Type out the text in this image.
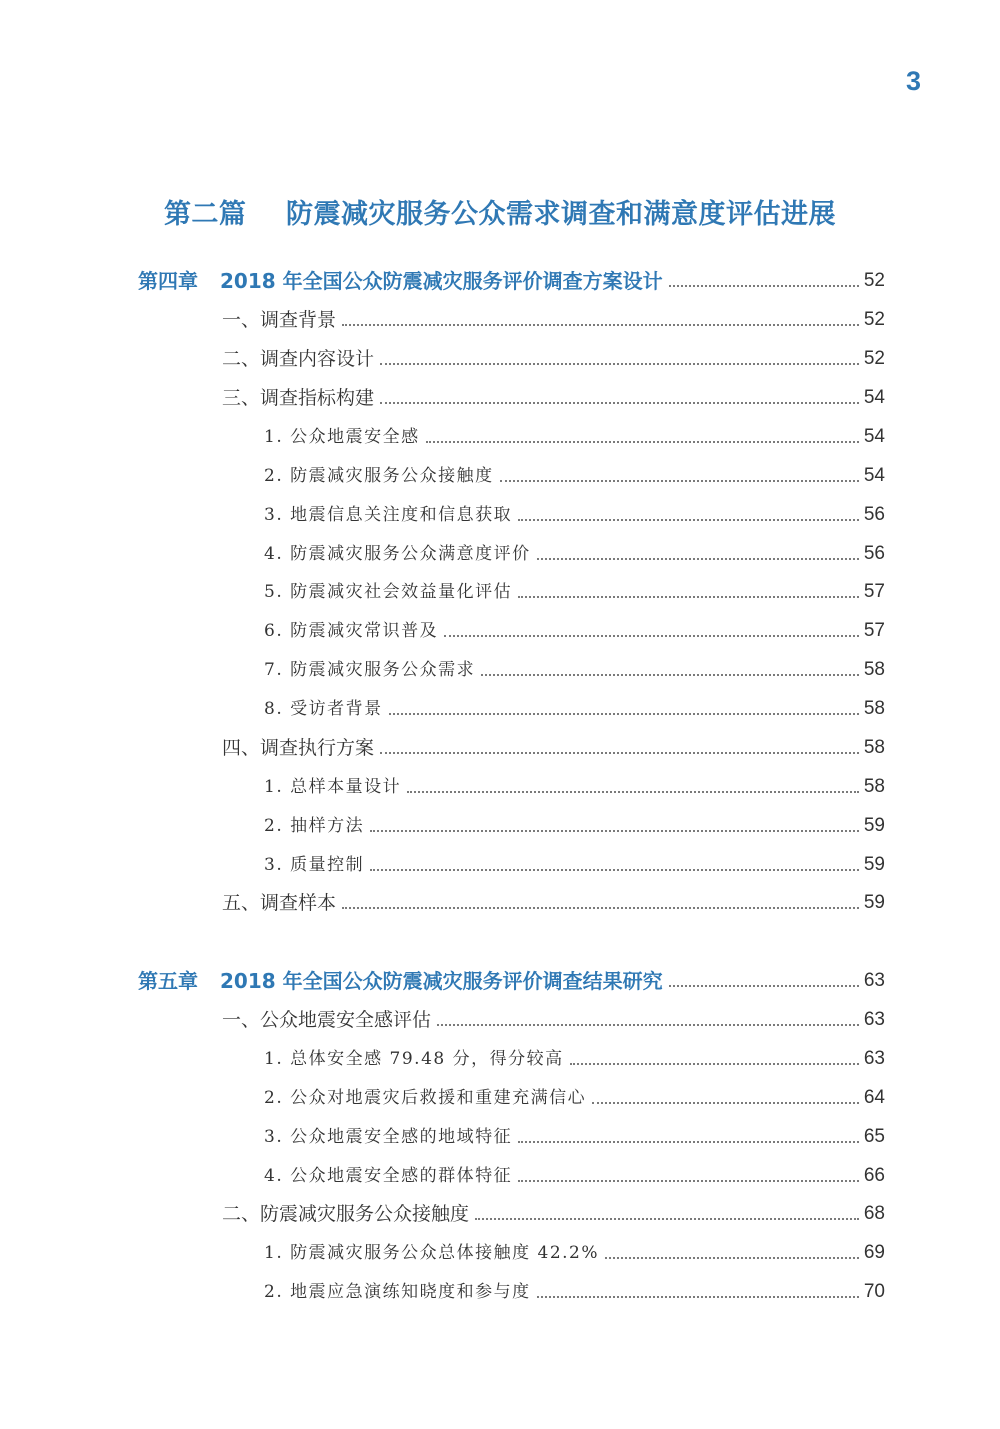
3
第二篇    防震减灾服务公众需求调查和满意度评估进展
第四章 2018 年全国公众防震减灾服务评价调查方案设计	52
一、调查背景	52
二、调查内容设计	52
三、调查指标构建	54
1. 公众地震安全感	54
2. 防震减灾服务公众接触度	54
3. 地震信息关注度和信息获取	56
4. 防震减灾服务公众满意度评价	56
5. 防震减灾社会效益量化评估	57
6. 防震减灾常识普及	57
7. 防震减灾服务公众需求	58
8. 受访者背景	58
四、调查执行方案	58
1. 总样本量设计	58
2. 抽样方法	59
3. 质量控制	59
五、调查样本	59
第五章 2018 年全国公众防震减灾服务评价调查结果研究	63
一、公众地震安全感评估	63
1. 总体安全感 79.48 分，得分较高	63
2. 公众对地震灾后救援和重建充满信心	64
3. 公众地震安全感的地域特征	65
4. 公众地震安全感的群体特征	66
二、防震减灾服务公众接触度	68
1. 防震减灾服务公众总体接触度 42.2%	69
2. 地震应急演练知晓度和参与度	70
